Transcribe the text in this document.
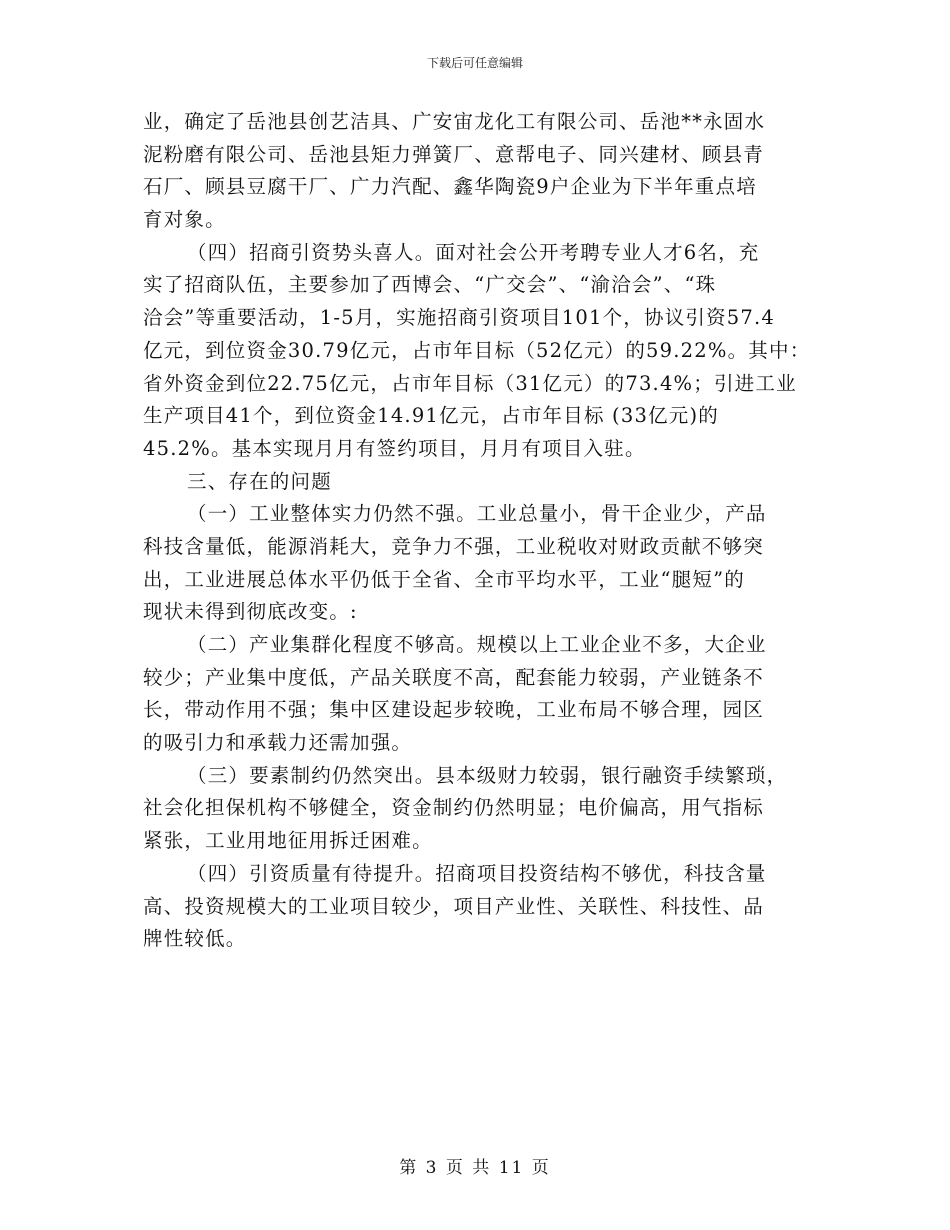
下载后可任意编辑
业，确定了岳池县创艺洁具、广安宙龙化工有限公司、岳池**永固水
泥粉磨有限公司、岳池县矩力弹簧厂、意帮电子、同兴建材、顾县青
石厂、顾县豆腐干厂、广力汽配、鑫华陶瓷9户企业为下半年重点培
育对象。
（四）招商引资势头喜人。面对社会公开考聘专业人才6名，充
实了招商队伍，主要参加了西博会、“广交会”、“渝洽会”、“珠
洽会”等重要活动，1-5月，实施招商引资项目101个，协议引资57.4
亿元，到位资金30.79亿元，占市年目标（52亿元）的59.22%。其中：
省外资金到位22.75亿元，占市年目标（31亿元）的73.4%；引进工业
生产项目41个，到位资金14.91亿元，占市年目标 (33亿元)的
45.2%。基本实现月月有签约项目，月月有项目入驻。
三、存在的问题
（一）工业整体实力仍然不强。工业总量小，骨干企业少，产品
科技含量低，能源消耗大，竞争力不强，工业税收对财政贡献不够突
出，工业进展总体水平仍低于全省、全市平均水平，工业“腿短”的
现状未得到彻底改变。:
（二）产业集群化程度不够高。规模以上工业企业不多，大企业
较少；产业集中度低，产品关联度不高，配套能力较弱，产业链条不
长，带动作用不强；集中区建设起步较晚，工业布局不够合理，园区
的吸引力和承载力还需加强。
（三）要素制约仍然突出。县本级财力较弱，银行融资手续繁琐，
社会化担保机构不够健全，资金制约仍然明显；电价偏高，用气指标
紧张，工业用地征用拆迁困难。
（四）引资质量有待提升。招商项目投资结构不够优，科技含量
高、投资规模大的工业项目较少，项目产业性、关联性、科技性、品
牌性较低。
第 3 页 共 11 页
